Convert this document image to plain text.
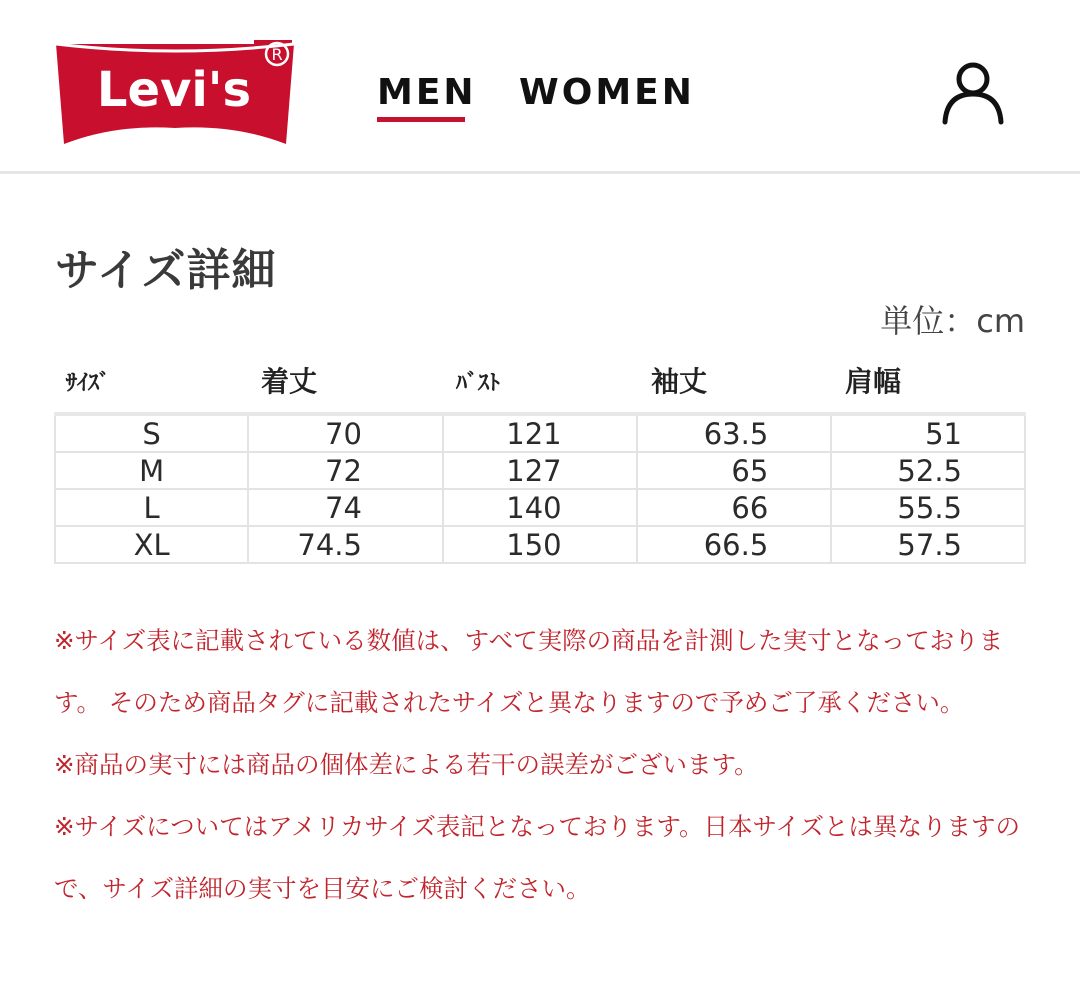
Levi's
R
MEN WOMEN
サイズ詳細
単位：cm
ｻｲｽﾞ	着丈	ﾊﾞｽﾄ	袖丈	肩幅
S	70	121	63.5	51
M	72	127	65	52.5
L	74	140	66	55.5
XL	74.5	150	66.5	57.5

※サイズ表に記載されている数値は、すべて実際の商品を計測した実寸となっております。 そのため商品タグに記載されたサイズと異なりますので予めご了承ください。

※商品の実寸には商品の個体差による若干の誤差がございます。

※サイズについてはアメリカサイズ表記となっております。日本サイズとは異なりますので、サイズ詳細の実寸を目安にご検討ください。
